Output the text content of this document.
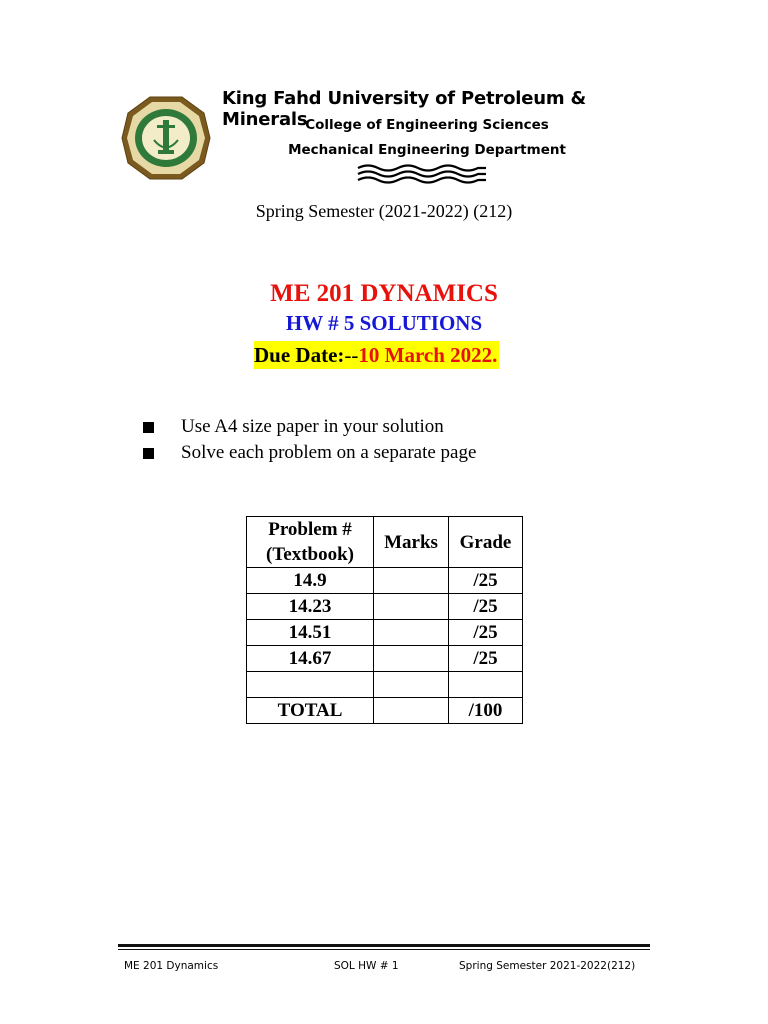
King Fahd University of Petroleum & Minerals
College of Engineering Sciences
Mechanical Engineering Department
Spring Semester (2021-2022) (212)
ME 201 DYNAMICS
HW # 5 SOLUTIONS
Due Date:--10 March 2022.
Use A4 size paper in your solution
Solve each problem on a separate page
Problem #
(Textbook)	Marks	Grade
14.9		/25
14.23		/25
14.51		/25
14.67		/25

TOTAL		/100
ME 201 Dynamics	SOL HW # 1	Spring Semester 2021-2022(212)
